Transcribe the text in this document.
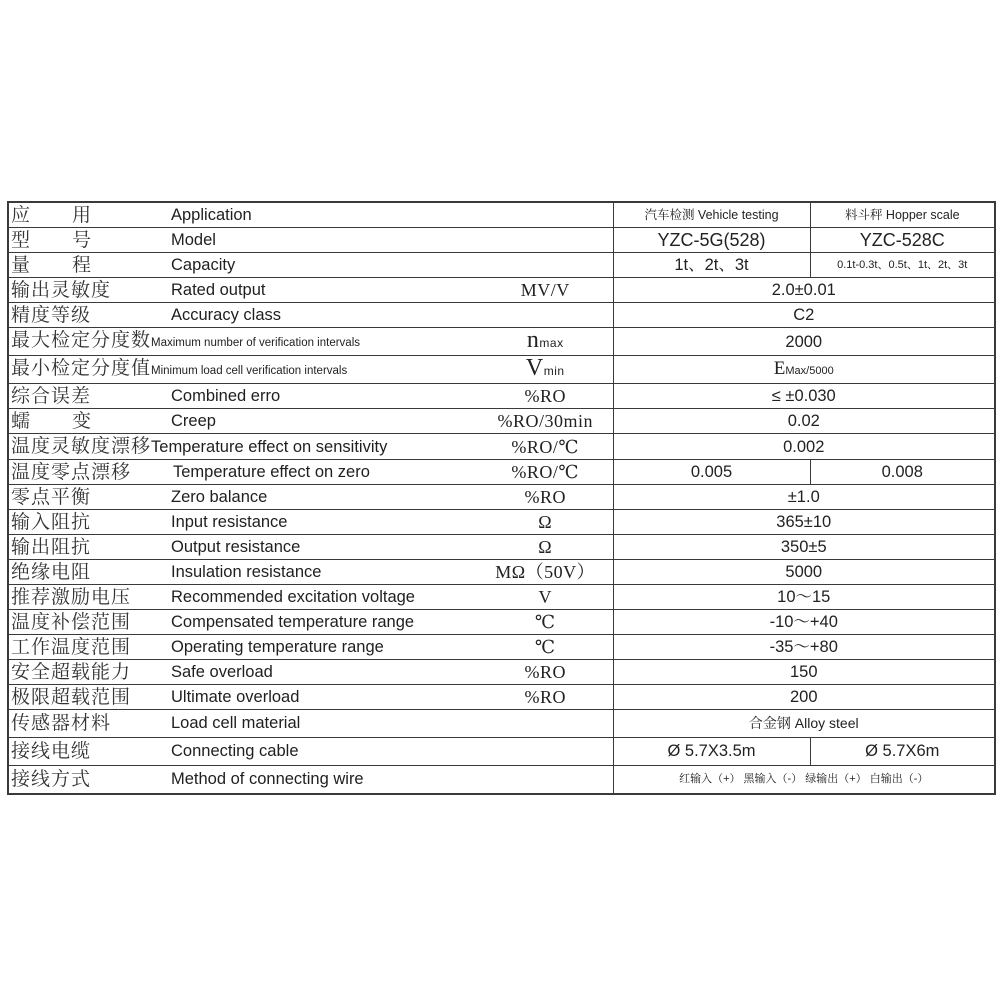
应 用	Application		汽车检测 Vehicle testing	料斗秤 Hopper scale
型 号	Model		YZC-5G(528)	YZC-528C
量 程	Capacity		1t、2t、3t	0.1t-0.3t、0.5t、1t、2t、3t
输出灵敏度	Rated output	MV/V	2.0±0.01	
精度等级	Accuracy class		C2	
最大检定分度数Maximum number of verification intervals		nmax	2000	
最小检定分度值Minimum load cell verification intervals		Vmin	EMax/5000	
综合误差	Combined erro	%RO	≤ ±0.030	
蠕 变	Creep	%RO/30min	0.02	
温度灵敏度漂移Temperature effect on sensitivity		%RO/℃	0.002	
温度零点漂移	Temperature effect on zero	%RO/℃	0.005	0.008
零点平衡	Zero balance	%RO	±1.0	
输入阻抗	Input resistance	Ω	365±10	
输出阻抗	Output resistance	Ω	350±5	
绝缘电阻	Insulation resistance	MΩ（50V）	5000	
推荐激励电压	Recommended excitation voltage	V	10～15	
温度补偿范围	Compensated temperature range	℃	-10～+40	
工作温度范围	Operating temperature range	℃	-35～+80	
安全超载能力	Safe overload	%RO	150	
极限超载范围	Ultimate overload	%RO	200	
传感器材料	Load cell material		合金钢 Alloy steel	
接线电缆	Connecting cable		Ø 5.7X3.5m	Ø 5.7X6m
接线方式	Method of connecting wire		红输入（+） 黑输入（-） 绿输出（+） 白输出（-）	
